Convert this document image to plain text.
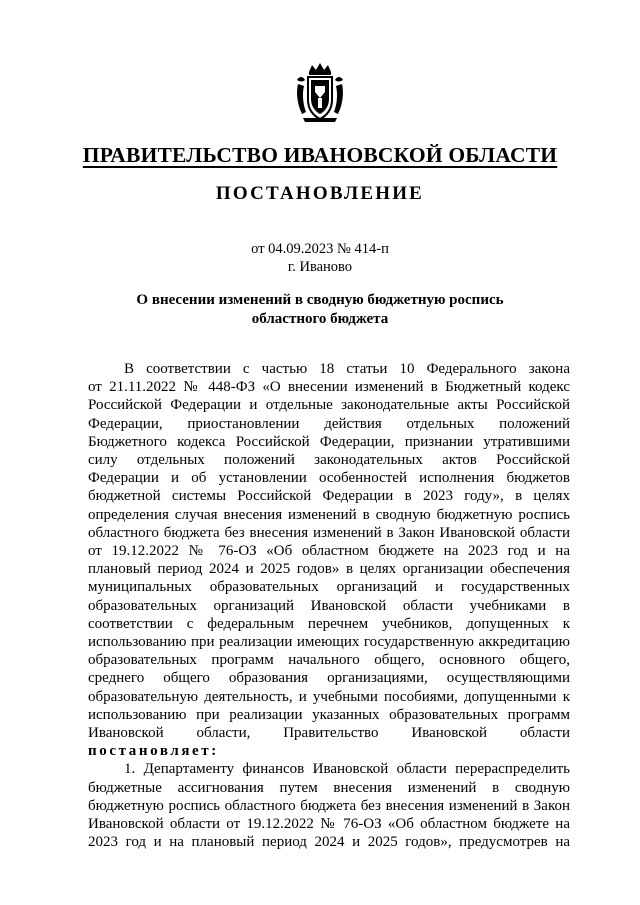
ПРАВИТЕЛЬСТВО ИВАНОВСКОЙ ОБЛАСТИ
ПОСТАНОВЛЕНИЕ
от 04.09.2023 № 414-п
г. Иваново
О внесении изменений в сводную бюджетную роспись
областного бюджета

В соответствии с частью 18 статьи 10 Федерального закона

от 21.11.2022 № 448-ФЗ «О внесении изменений в Бюджетный кодекс

Российской Федерации и отдельные законодательные акты Российской

Федерации, приостановлении действия отдельных положений

Бюджетного кодекса Российской Федерации, признании утратившими

силу отдельных положений законодательных актов Российской

Федерации и об установлении особенностей исполнения бюджетов

бюджетной системы Российской Федерации в 2023 году», в целях

определения случая внесения изменений в сводную бюджетную роспись

областного бюджета без внесения изменений в Закон Ивановской области

от 19.12.2022 № 76-ОЗ «Об областном бюджете на 2023 год и на

плановый период 2024 и 2025 годов» в целях организации обеспечения

муниципальных образовательных организаций и государственных

образовательных организаций Ивановской области учебниками в

соответствии с федеральным перечнем учебников, допущенных к

использованию при реализации имеющих государственную аккредитацию

образовательных программ начального общего, основного общего,

среднего общего образования организациями, осуществляющими

образовательную деятельность, и учебными пособиями, допущенными к

использованию при реализации указанных образовательных программ

Ивановской области, Правительство Ивановской области

постановляет:

1. Департаменту финансов Ивановской области перераспределить

бюджетные ассигнования путем внесения изменений в сводную

бюджетную роспись областного бюджета без внесения изменений в Закон

Ивановской области от 19.12.2022 № 76-ОЗ «Об областном бюджете на

2023 год и на плановый период 2024 и 2025 годов», предусмотрев на
